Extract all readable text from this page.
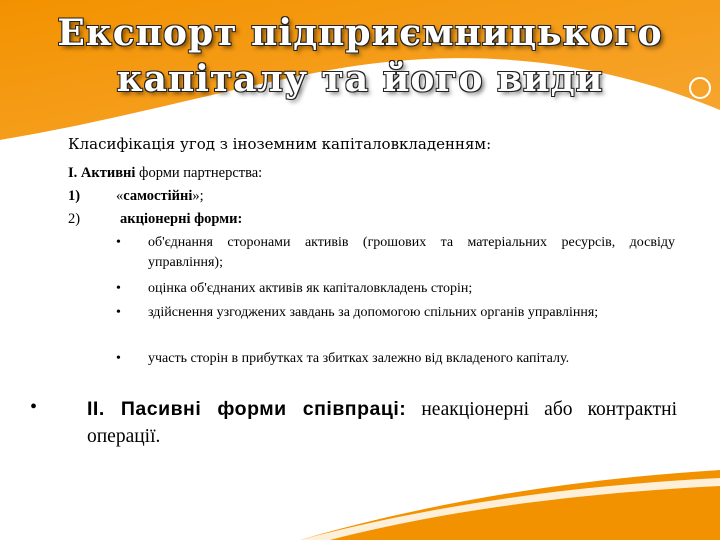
Експорт підприємницького
капіталу та його види
Класифікація угод з іноземним капіталовкладенням:
I. Активні форми партнерства:
1) «самостійні»;
2)	акціонерні форми:
• об'єднання сторонами активів (грошових та матеріальних ресурсів, досвіду управління);
• оцінка об'єднаних активів як капіталовкладень сторін;
• здійснення узгоджених завдань за допомогою спільних органів управління;
• участь сторін в прибутках та збитках залежно від вкладеного капіталу.
•	II. Пасивні форми співпраці: неакціонерні або контрактні операції.
